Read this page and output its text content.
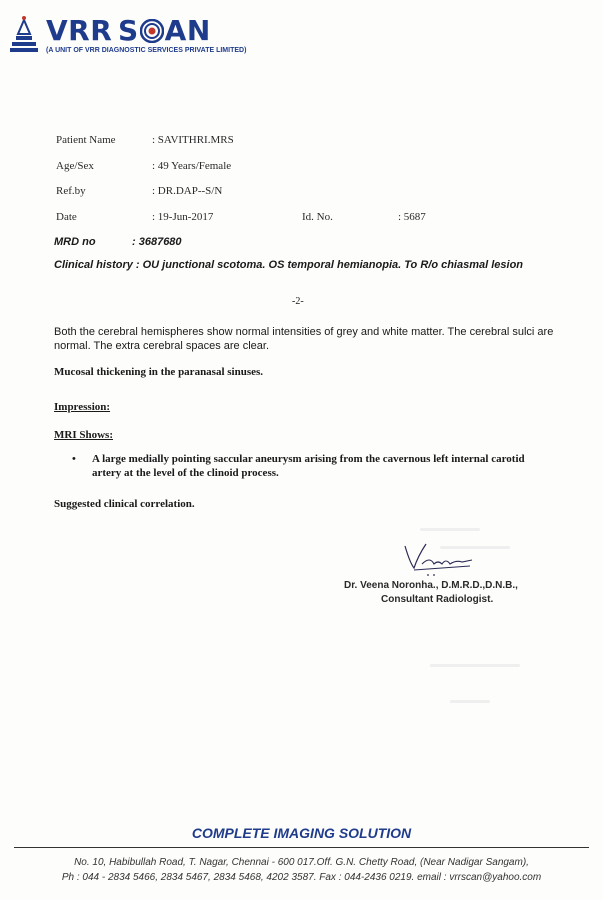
VRR S AN
(A UNIT OF VRR DIAGNOSTIC SERVICES PRIVATE LIMITED)
Patient Name	: SAVITHRI.MRS
Age/Sex	: 49 Years/Female
Ref.by	: DR.DAP--S/N
Date	: 19-Jun-2017	Id. No.	: 5687
MRD no	: 3687680
Clinical history : OU junctional scotoma. OS temporal hemianopia. To R/o chiasmal lesion
-2-
Both the cerebral hemispheres show normal intensities of grey and white matter. The cerebral sulci are normal. The extra cerebral spaces are clear.
Mucosal thickening in the paranasal sinuses.
Impression:
MRI Shows:
• A large medially pointing saccular aneurysm arising from the cavernous left internal carotid artery at the level of the clinoid process.
Suggested clinical correlation.
Dr. Veena Noronha., D.M.R.D.,D.N.B.,
Consultant Radiologist.
COMPLETE IMAGING SOLUTION
No. 10, Habibullah Road, T. Nagar, Chennai - 600 017.Off. G.N. Chetty Road, (Near Nadigar Sangam),
Ph : 044 - 2834 5466, 2834 5467, 2834 5468, 4202 3587. Fax : 044-2436 0219. email : vrrscan@yahoo.com
